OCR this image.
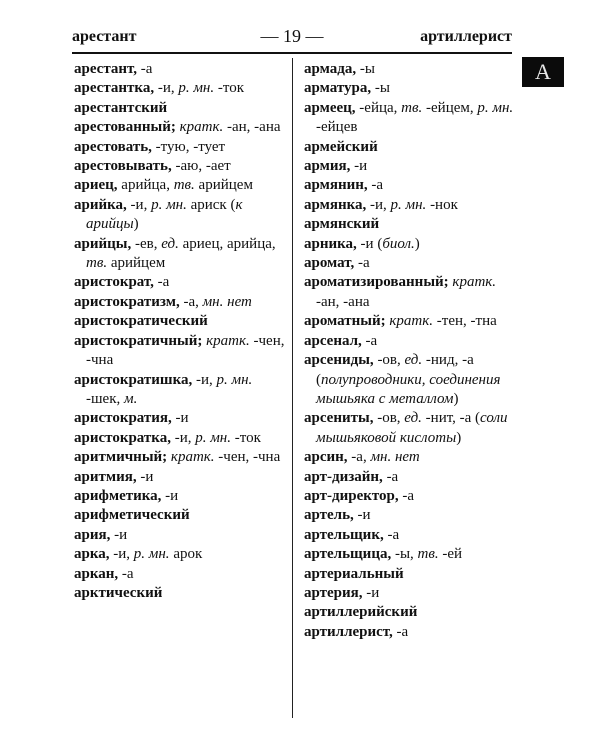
арестант	— 19 —	артиллерист
А

арестант, -а

арестантка, -и, р. мн. -ток

арестантский

арестованный; кратк. -ан, -ана

арестовать, -тую, -тует

арестовывать, -аю, -ает

ариец, арийца, тв. арийцем

арийка, -и, р. мн. ариск (к арийцы)

арийцы, -ев, ед. ариец, арийца, тв. арийцем

аристократ, -а

аристократизм, -а, мн. нет

аристократический

аристократичный; кратк. -чен, -чна

аристократишка, -и, р. мн. -шек, м.

аристократия, -и

аристократка, -и, р. мн. -ток

аритмичный; кратк. -чен, -чна

аритмия, -и

арифметика, -и

арифметический

ария, -и

арка, -и, р. мн. арок

аркан, -а

арктический

армада, -ы

арматура, -ы

армеец, -ейца, тв. -ейцем, р. мн. -ейцев

армейский

армия, -и

армянин, -а

армянка, -и, р. мн. -нок

армянский

арника, -и (биол.)

аромат, -а

ароматизированный; кратк. -ан, -ана

ароматный; кратк. -тен, -тна

арсенал, -а

арсениды, -ов, ед. -нид, -а (полупроводники, соединения мышьяка с металлом)

арсениты, -ов, ед. -нит, -а (соли мышьяковой кислоты)

арсин, -а, мн. нет

арт-дизайн, -а

арт-директор, -а

артель, -и

артельщик, -а

артельщица, -ы, тв. -ей

артериальный

артерия, -и

артиллерийский

артиллерист, -а
